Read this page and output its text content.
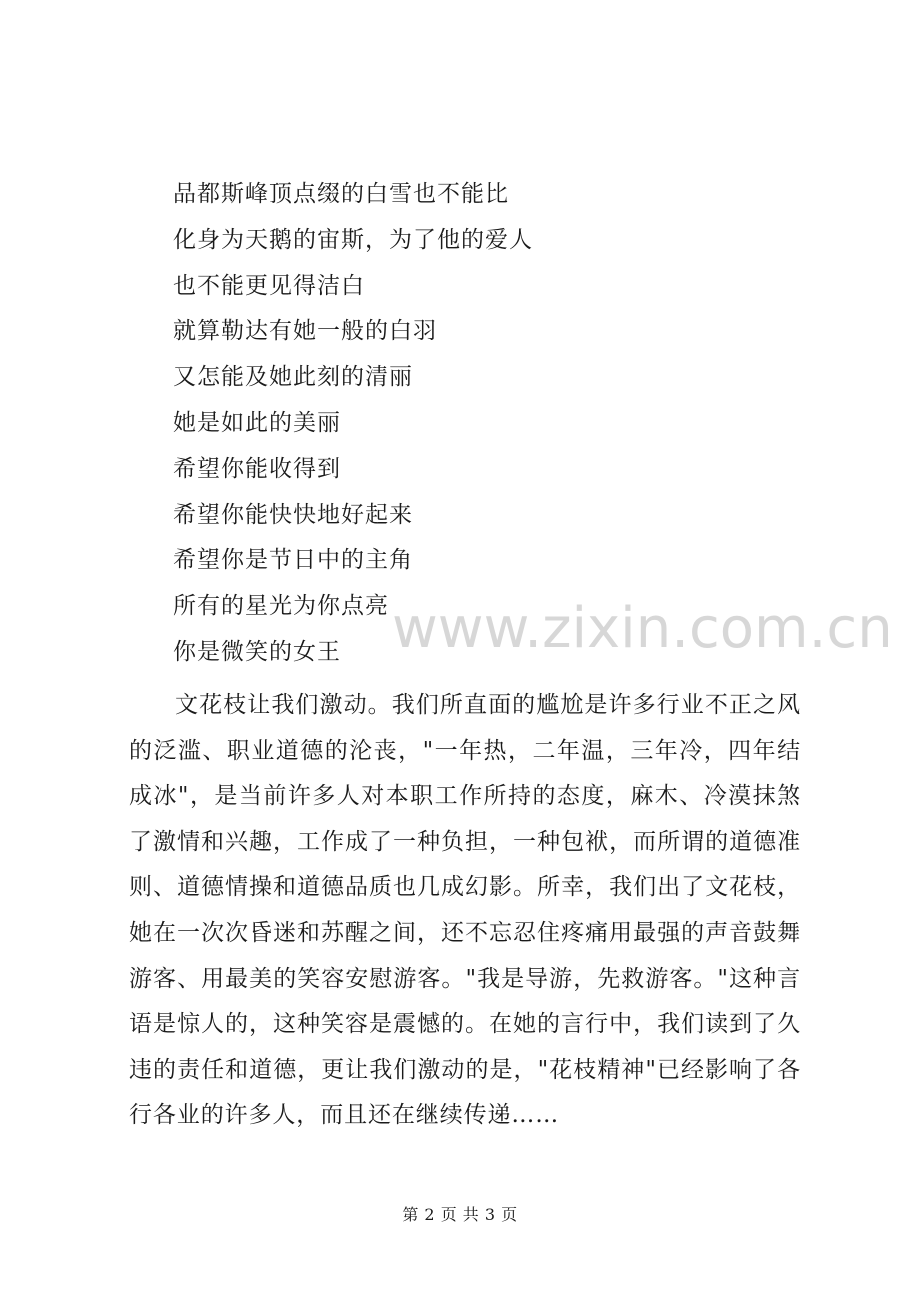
品都斯峰顶点缀的白雪也不能比
化身为天鹅的宙斯，为了他的爱人
也不能更见得洁白
就算勒达有她一般的白羽
又怎能及她此刻的清丽
她是如此的美丽
希望你能收得到
希望你能快快地好起来
希望你是节日中的主角
所有的星光为你点亮
你是微笑的女王 www.zixin.com.cn

文花枝让我们激动。我们所直面的尴尬是许多行业不正之风的泛滥、职业道德的沦丧，"一年热，二年温，三年冷，四年结成冰"，是当前许多人对本职工作所持的态度，麻木、冷漠抹煞了激情和兴趣，工作成了一种负担，一种包袱，而所谓的道德准则、道德情操和道德品质也几成幻影。所幸，我们出了文花枝，她在一次次昏迷和苏醒之间，还不忘忍住疼痛用最强的声音鼓舞游客、用最美的笑容安慰游客。"我是导游，先救游客。"这种言语是惊人的，这种笑容是震憾的。在她的言行中，我们读到了久违的责任和道德，更让我们激动的是，"花枝精神"已经影响了各行各业的许多人，而且还在继续传递……

第 2 页 共 3 页
